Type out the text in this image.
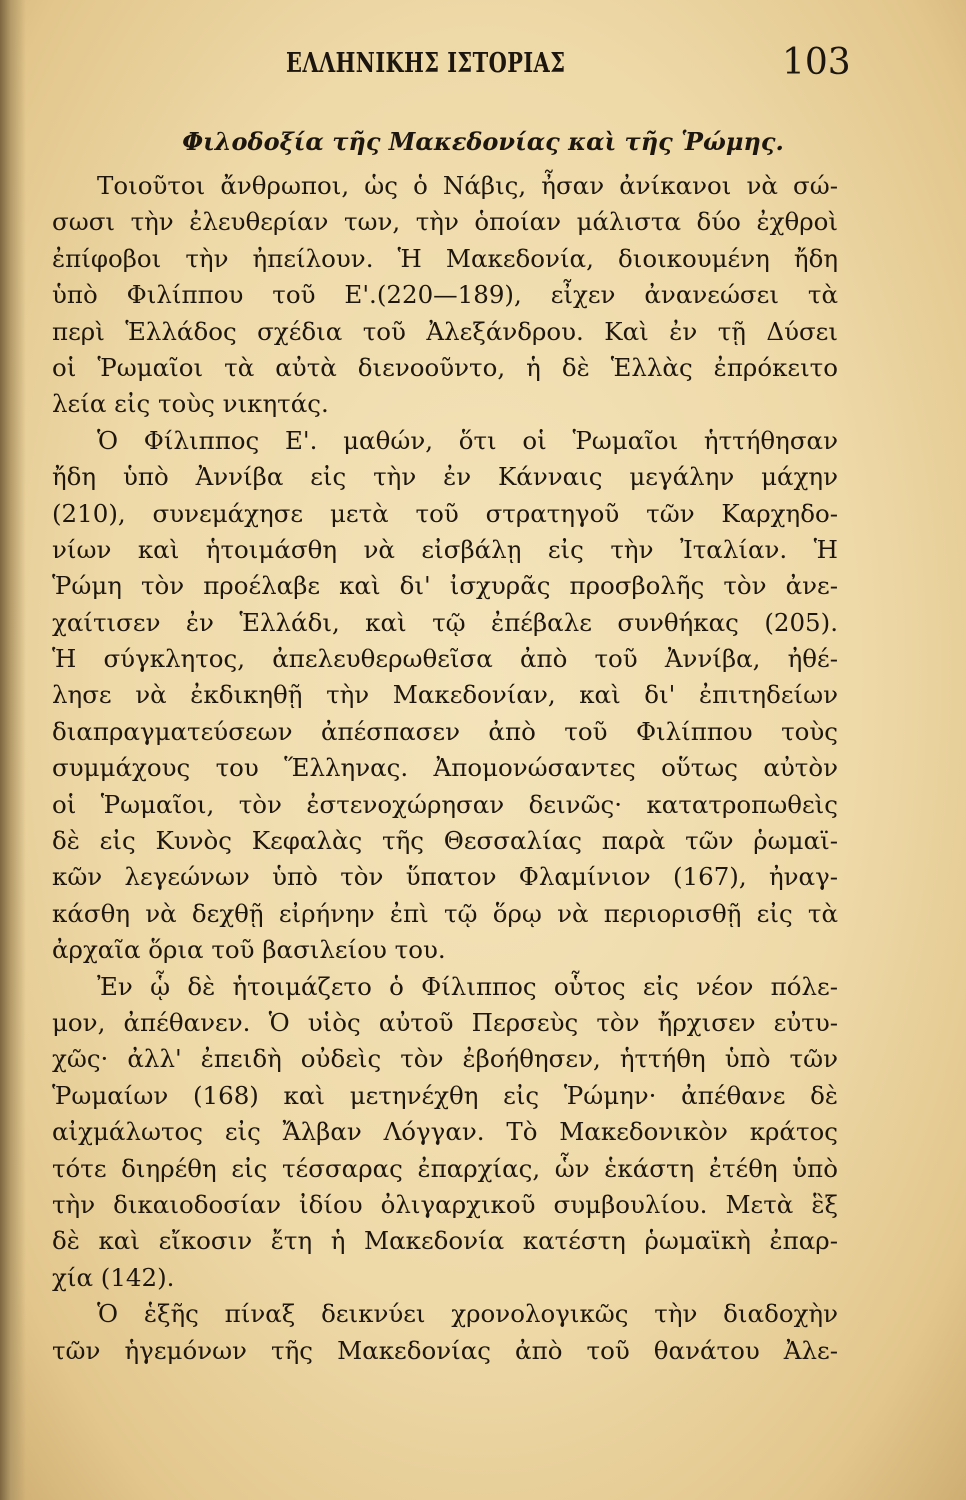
ΕΛΛΗΝΙΚΗΣ ΙΣΤΟΡΙΑΣ	103
Φιλοδοξία τῆς Μακεδονίας καὶ τῆς Ῥώμης.
Τοιοῦτοι ἄνθρωποι, ὡς ὁ Νάβις, ἦσαν ἀνίκανοι νὰ σώ-
σωσι τὴν ἐλευθερίαν των, τὴν ὁποίαν μάλιστα δύο ἐχθροὶ
ἐπίφοβοι τὴν ἠπείλουν. Ἡ Μακεδονία, διοικουμένη ἤδη
ὑπὸ Φιλίππου τοῦ Ε'.(220—189), εἶχεν ἀνανεώσει τὰ
περὶ Ἑλλάδος σχέδια τοῦ Ἀλεξάνδρου. Καὶ ἐν τῇ Δύσει
οἱ Ῥωμαῖοι τὰ αὐτὰ διενοοῦντο, ἡ δὲ Ἑλλὰς ἐπρόκειτο
λεία εἰς τοὺς νικητάς.
Ὁ Φίλιππος Ε'. μαθών, ὅτι οἱ Ῥωμαῖοι ἡττήθησαν
ἤδη ὑπὸ Ἀννίβα εἰς τὴν ἐν Κάνναις μεγάλην μάχην
(210), συνεμάχησε μετὰ τοῦ στρατηγοῦ τῶν Καρχηδο-
νίων καὶ ἡτοιμάσθη νὰ εἰσβάλῃ εἰς τὴν Ἰταλίαν. Ἡ
Ῥώμη τὸν προέλαβε καὶ δι' ἰσχυρᾶς προσβολῆς τὸν ἀνε-
χαίτισεν ἐν Ἑλλάδι, καὶ τῷ ἐπέβαλε συνθήκας (205).
Ἡ σύγκλητος, ἀπελευθερωθεῖσα ἀπὸ τοῦ Ἀννίβα, ἠθέ-
λησε νὰ ἐκδικηθῇ τὴν Μακεδονίαν, καὶ δι' ἐπιτηδείων
διαπραγματεύσεων ἀπέσπασεν ἀπὸ τοῦ Φιλίππου τοὺς
συμμάχους του Ἕλληνας. Ἀπομονώσαντες οὕτως αὐτὸν
οἱ Ῥωμαῖοι, τὸν ἐστενοχώρησαν δεινῶς· κατατροπωθεὶς
δὲ εἰς Κυνὸς Κεφαλὰς τῆς Θεσσαλίας παρὰ τῶν ῥωμαϊ-
κῶν λεγεώνων ὑπὸ τὸν ὕπατον Φλαμίνιον (167), ἠναγ-
κάσθη νὰ δεχθῇ εἰρήνην ἐπὶ τῷ ὅρῳ νὰ περιορισθῇ εἰς τὰ
ἀρχαῖα ὅρια τοῦ βασιλείου του.
Ἐν ᾧ δὲ ἡτοιμάζετο ὁ Φίλιππος οὗτος εἰς νέον πόλε-
μον, ἀπέθανεν. Ὁ υἱὸς αὐτοῦ Περσεὺς τὸν ἤρχισεν εὐτυ-
χῶς· ἀλλ' ἐπειδὴ οὐδεὶς τὸν ἐβοήθησεν, ἡττήθη ὑπὸ τῶν
Ῥωμαίων (168) καὶ μετηνέχθη εἰς Ῥώμην· ἀπέθανε δὲ
αἰχμάλωτος εἰς Ἄλβαν Λόγγαν. Τὸ Μακεδονικὸν κράτος
τότε διηρέθη εἰς τέσσαρας ἐπαρχίας, ὧν ἑκάστη ἐτέθη ὑπὸ
τὴν δικαιοδοσίαν ἰδίου ὀλιγαρχικοῦ συμβουλίου. Μετὰ ἓξ
δὲ καὶ εἴκοσιν ἔτη ἡ Μακεδονία κατέστη ῥωμαϊκὴ ἐπαρ-
χία (142).
Ὁ ἑξῆς πίναξ δεικνύει χρονολογικῶς τὴν διαδοχὴν
τῶν ἡγεμόνων τῆς Μακεδονίας ἀπὸ τοῦ θανάτου Ἀλε-
